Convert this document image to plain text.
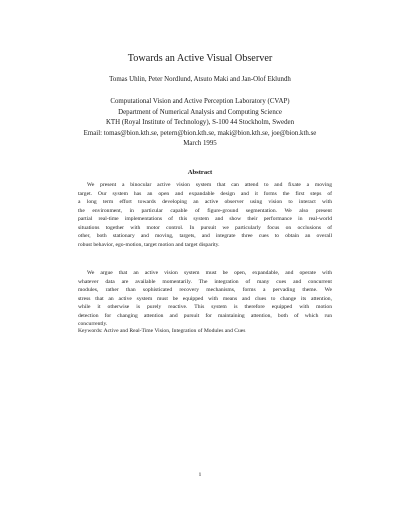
Towards an Active Visual Observer
Tomas Uhlin, Peter Nordlund, Atsuto Maki and Jan-Olof Eklundh
Computational Vision and Active Perception Laboratory (CVAP)
Department of Numerical Analysis and Computing Science
KTH (Royal Institute of Technology), S-100 44 Stockholm, Sweden
Email: tomas@bion.kth.se, petern@bion.kth.se, maki@bion.kth.se, joe@bion.kth.se
March 1995
Abstract
We present a binocular active vision system that can attend to and fixate a moving
target. Our system has an open and expandable design and it forms the first steps of
a long term effort towards developing an active observer using vision to interact with
the environment, in particular capable of figure-ground segmentation. We also present
partial real-time implementations of this system and show their performance in real-world
situations together with motor control. In pursuit we particularly focus on occlusions of
other, both stationary and moving, targets, and integrate three cues to obtain an overall
robust behavior, ego-motion, target motion and target disparity.
We argue that an active vision system must be open, expandable, and operate with
whatever data are available momentarily. The integration of many cues and concurrent
modules, rather than sophisticated recovery mechanisms, forms a pervading theme. We
stress that an active system must be equipped with means and clues to change its attention,
while it otherwise is purely reactive. This system is therefore equipped with motion
detection for changing attention and pursuit for maintaining attention, both of which run
concurrently.
Keywords: Active and Real-Time Vision, Integration of Modules and Cues
i
